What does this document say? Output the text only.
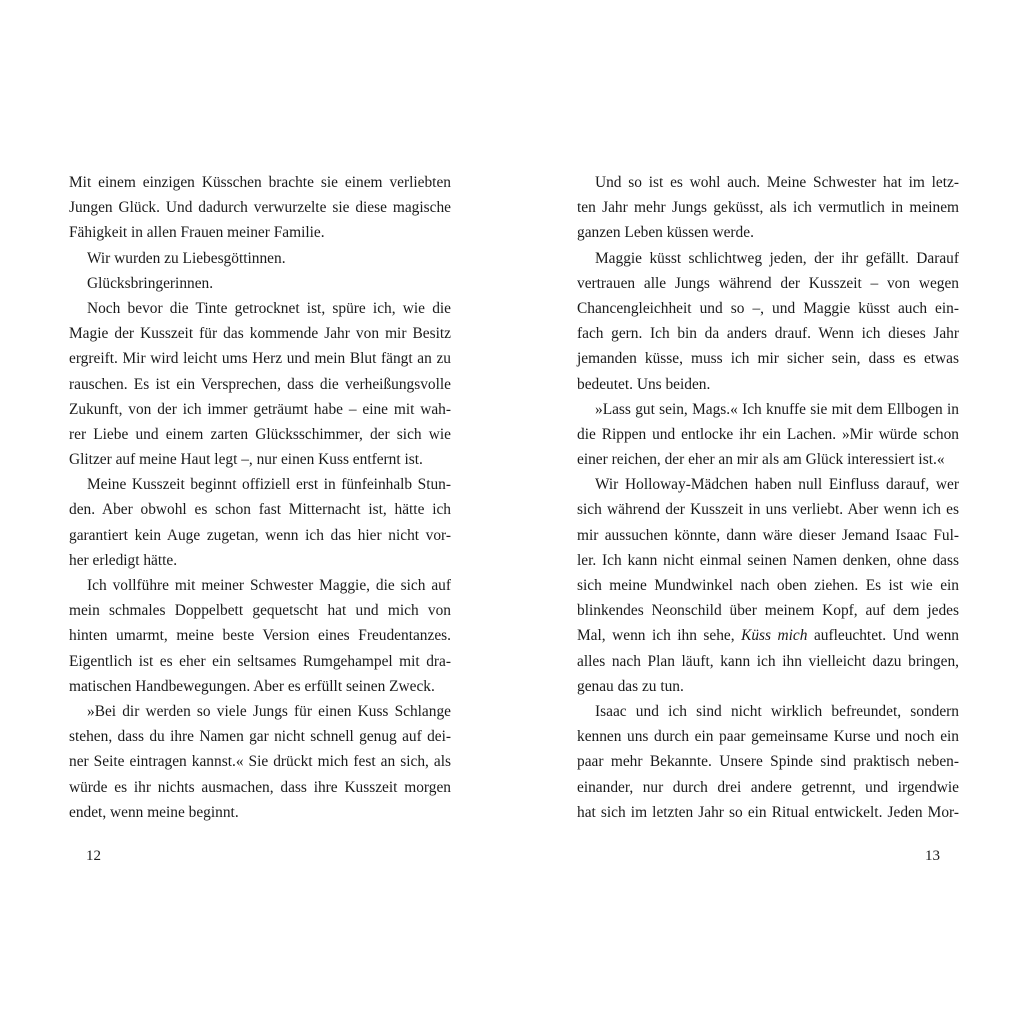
Mit einem einzigen Küsschen brachte sie einem verliebten
Jungen Glück. Und dadurch verwurzelte sie diese magische
Fähigkeit in allen Frauen meiner Familie.
Wir wurden zu Liebesgöttinnen.
Glücksbringerinnen.
Noch bevor die Tinte getrocknet ist, spüre ich, wie die
Magie der Kusszeit für das kommende Jahr von mir Besitz
ergreift. Mir wird leicht ums Herz und mein Blut fängt an zu
rauschen. Es ist ein Versprechen, dass die verheißungsvolle
Zukunft, von der ich immer geträumt habe – eine mit wah-
rer Liebe und einem zarten Glücksschimmer, der sich wie
Glitzer auf meine Haut legt –, nur einen Kuss entfernt ist.
Meine Kusszeit beginnt offiziell erst in fünfeinhalb Stun-
den. Aber obwohl es schon fast Mitternacht ist, hätte ich
garantiert kein Auge zugetan, wenn ich das hier nicht vor-
her erledigt hätte.
Ich vollführe mit meiner Schwester Maggie, die sich auf
mein schmales Doppelbett gequetscht hat und mich von
hinten umarmt, meine beste Version eines Freudentanzes.
Eigentlich ist es eher ein seltsames Rumgehampel mit dra-
matischen Handbewegungen. Aber es erfüllt seinen Zweck.
»Bei dir werden so viele Jungs für einen Kuss Schlange
stehen, dass du ihre Namen gar nicht schnell genug auf dei-
ner Seite eintragen kannst.« Sie drückt mich fest an sich, als
würde es ihr nichts ausmachen, dass ihre Kusszeit morgen
endet, wenn meine beginnt.
Und so ist es wohl auch. Meine Schwester hat im letz-
ten Jahr mehr Jungs geküsst, als ich vermutlich in meinem
ganzen Leben küssen werde.
Maggie küsst schlichtweg jeden, der ihr gefällt. Darauf
vertrauen alle Jungs während der Kusszeit – von wegen
Chancengleichheit und so –, und Maggie küsst auch ein-
fach gern. Ich bin da anders drauf. Wenn ich dieses Jahr
jemanden küsse, muss ich mir sicher sein, dass es etwas
bedeutet. Uns beiden.
»Lass gut sein, Mags.« Ich knuffe sie mit dem Ellbogen in
die Rippen und entlocke ihr ein Lachen. »Mir würde schon
einer reichen, der eher an mir als am Glück interessiert ist.«
Wir Holloway-Mädchen haben null Einfluss darauf, wer
sich während der Kusszeit in uns verliebt. Aber wenn ich es
mir aussuchen könnte, dann wäre dieser Jemand Isaac Ful-
ler. Ich kann nicht einmal seinen Namen denken, ohne dass
sich meine Mundwinkel nach oben ziehen. Es ist wie ein
blinkendes Neonschild über meinem Kopf, auf dem jedes
Mal, wenn ich ihn sehe, Küss mich aufleuchtet. Und wenn
alles nach Plan läuft, kann ich ihn vielleicht dazu bringen,
genau das zu tun.
Isaac und ich sind nicht wirklich befreundet, sondern
kennen uns durch ein paar gemeinsame Kurse und noch ein
paar mehr Bekannte. Unsere Spinde sind praktisch neben-
einander, nur durch drei andere getrennt, und irgendwie
hat sich im letzten Jahr so ein Ritual entwickelt. Jeden Mor-
12	13
